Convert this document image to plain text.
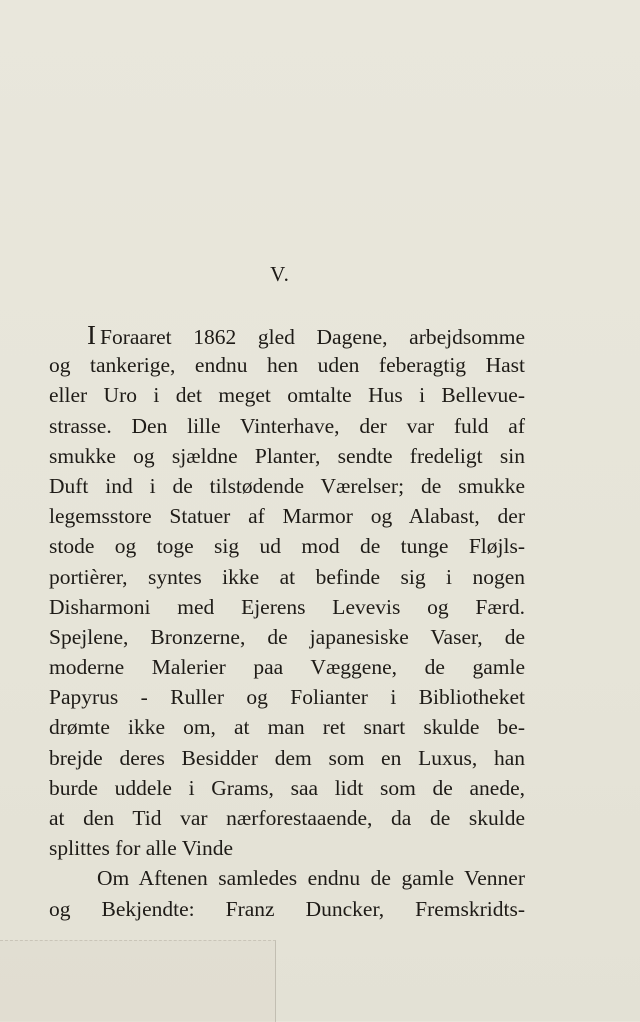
V.
I Foraaret 1862 gled Dagene, arbejdsomme
og tankerige, endnu hen uden feberagtig Hast
eller Uro i det meget omtalte Hus i Bellevue-
strasse. Den lille Vinterhave, der var fuld af
smukke og sjældne Planter, sendte fredeligt sin
Duft ind i de tilstødende Værelser; de smukke
legemsstore Statuer af Marmor og Alabast, der
stode og toge sig ud mod de tunge Fløjls-
portièrer, syntes ikke at befinde sig i nogen
Disharmoni med Ejerens Levevis og Færd.
Spejlene, Bronzerne, de japanesiske Vaser, de
moderne Malerier paa Væggene, de gamle
Papyrus - Ruller og Folianter i Bibliotheket
drømte ikke om, at man ret snart skulde be-
brejde deres Besidder dem som en Luxus, han
burde uddele i Grams, saa lidt som de anede,
at den Tid var nærforestaaende, da de skulde
splittes for alle Vinde
Om Aftenen samledes endnu de gamle Venner
og Bekjendte: Franz Duncker, Fremskridts-
